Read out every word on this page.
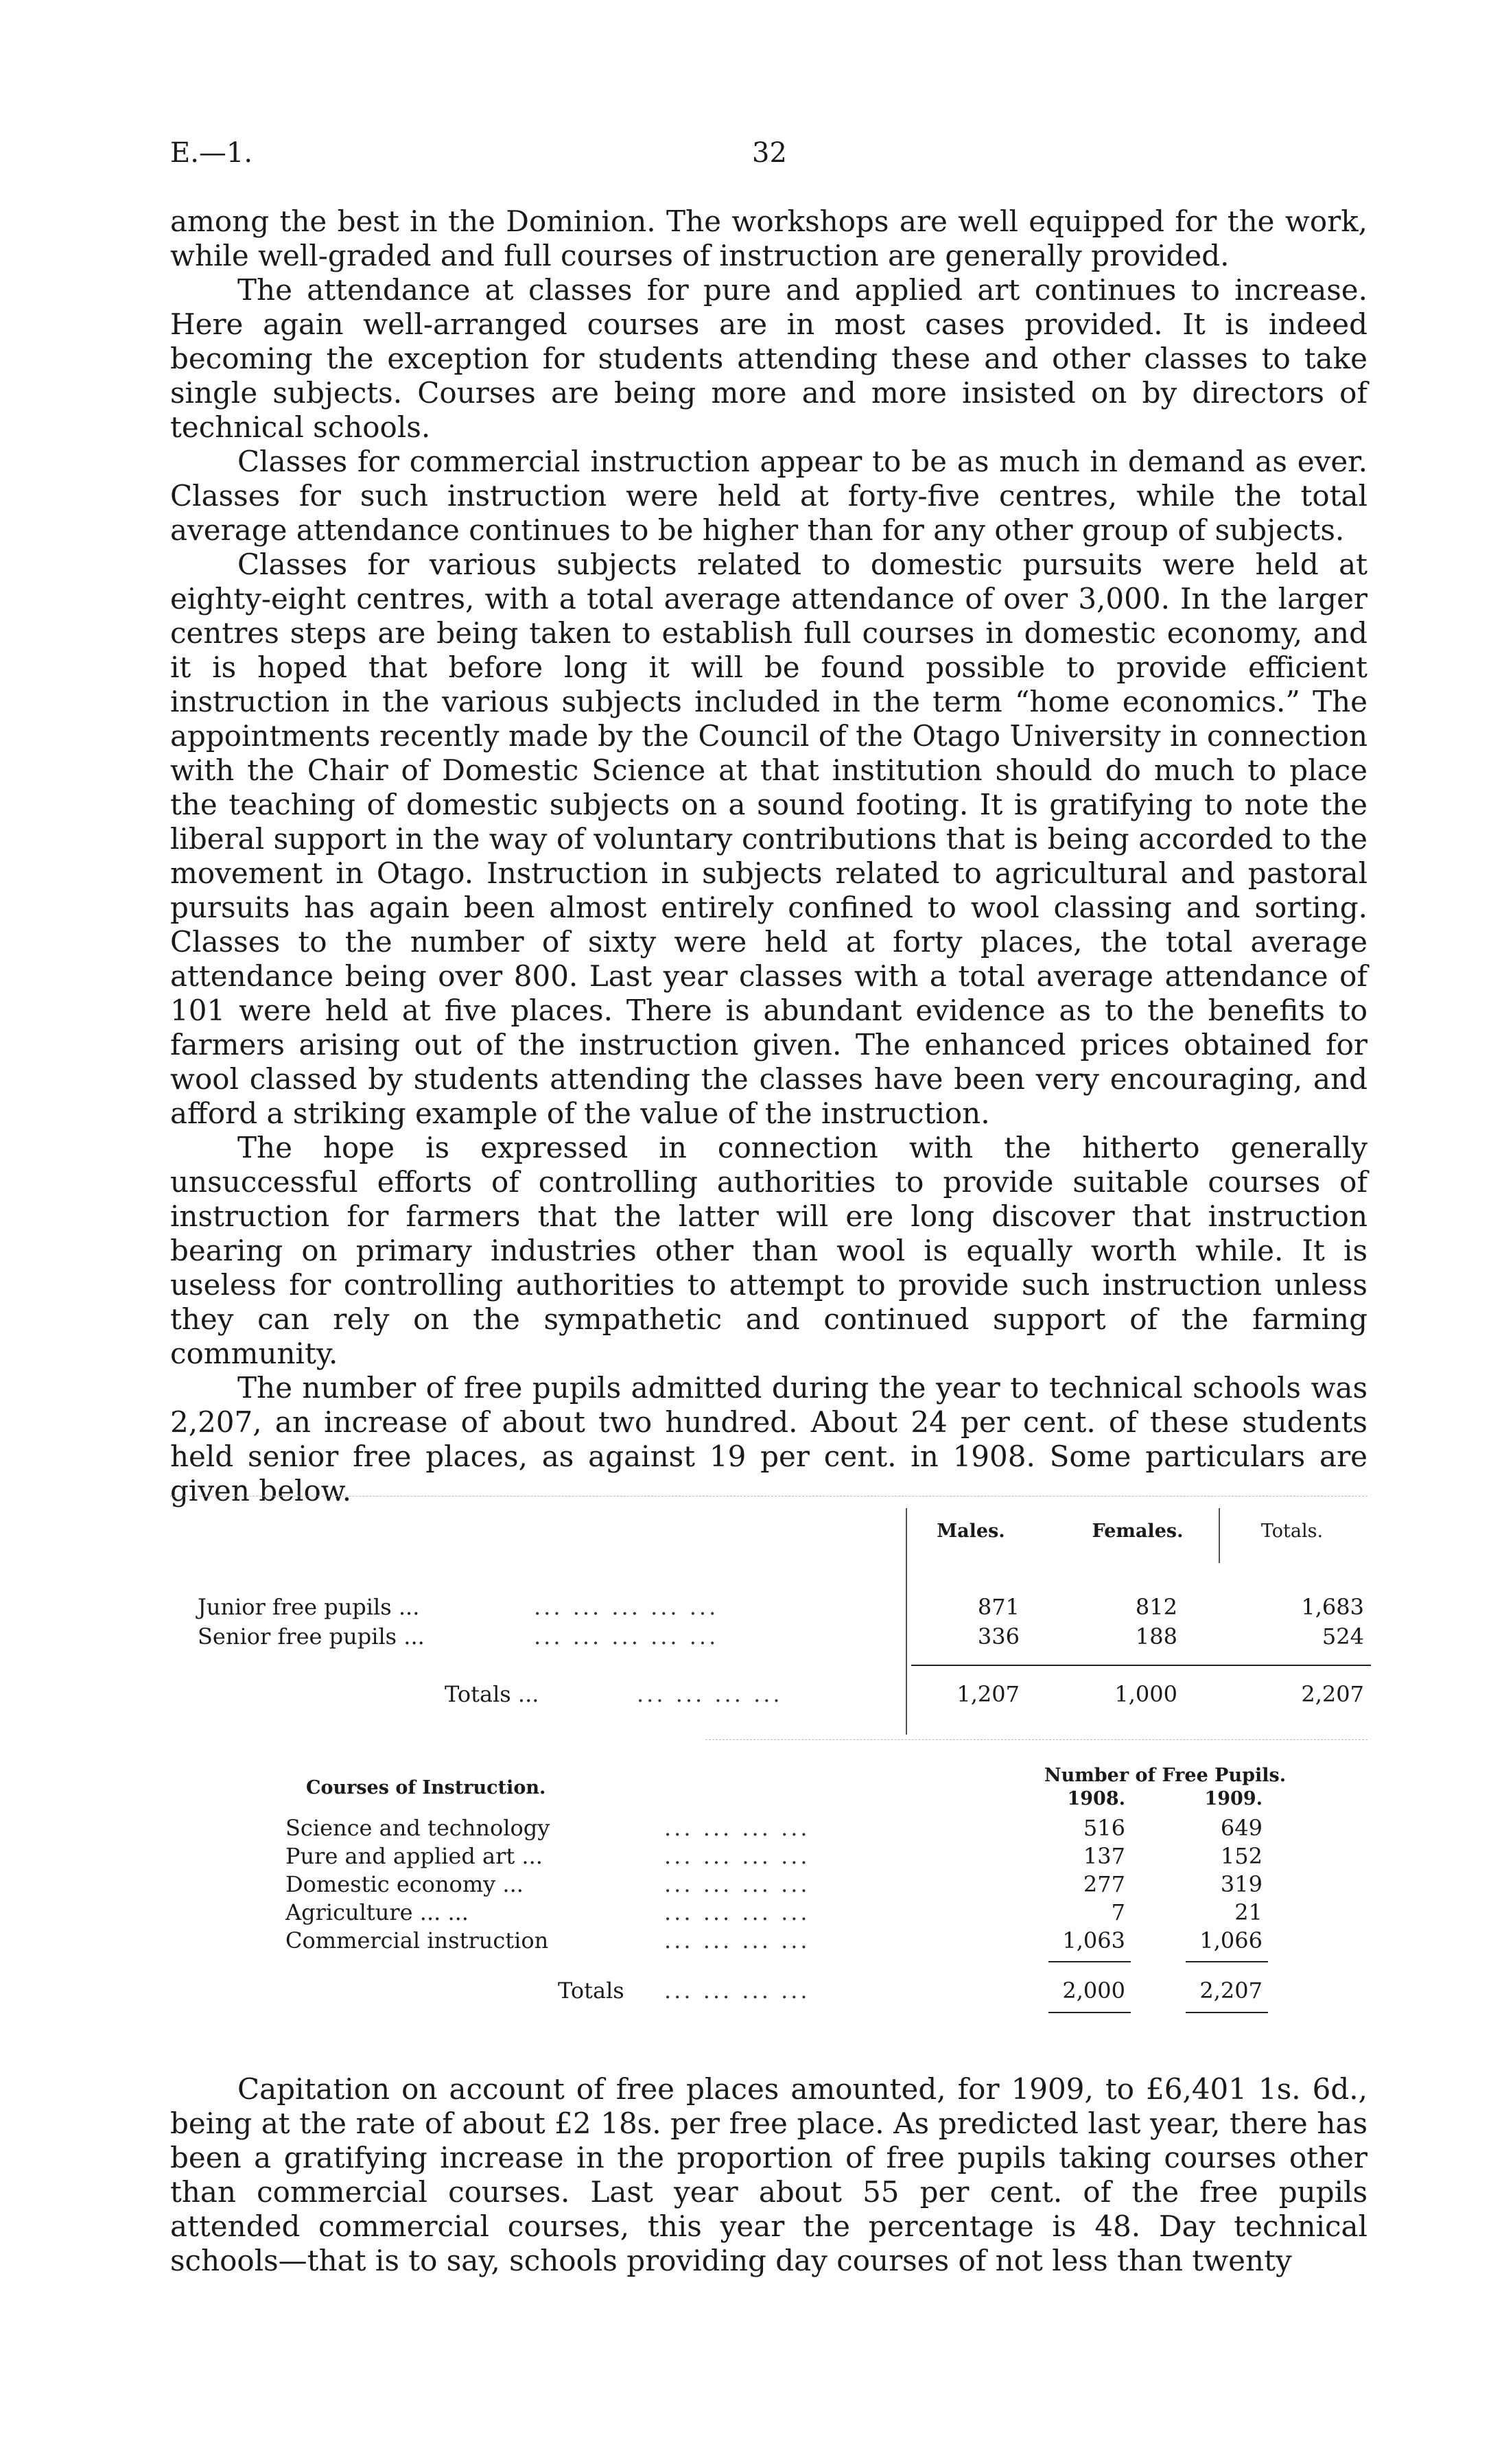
E.—1.	32

among the best in the Dominion. The workshops are well equipped for the work, while well-graded and full courses of instruction are generally provided.

The attendance at classes for pure and applied art continues to increase. Here again well-arranged courses are in most cases provided. It is indeed becoming the exception for students attending these and other classes to take single subjects. Courses are being more and more insisted on by directors of technical schools.

Classes for commercial instruction appear to be as much in demand as ever. Classes for such instruction were held at forty-five centres, while the total average attendance continues to be higher than for any other group of subjects.

Classes for various subjects related to domestic pursuits were held at eighty-eight centres, with a total average attendance of over 3,000. In the larger centres steps are being taken to establish full courses in domestic economy, and it is hoped that before long it will be found possible to provide efficient instruction in the various subjects included in the term “home economics.” The appointments recently made by the Council of the Otago University in connection with the Chair of Domestic Science at that institution should do much to place the teaching of domestic subjects on a sound footing. It is gratifying to note the liberal support in the way of voluntary contributions that is being accorded to the movement in Otago. Instruction in subjects related to agricultural and pastoral pursuits has again been almost entirely confined to wool classing and sorting. Classes to the number of sixty were held at forty places, the total average attendance being over 800. Last year classes with a total average attendance of 101 were held at five places. There is abundant evidence as to the benefits to farmers arising out of the instruction given. The enhanced prices obtained for wool classed by students attending the classes have been very encouraging, and afford a striking example of the value of the instruction.

The hope is expressed in connection with the hitherto generally unsuccessful efforts of controlling authorities to provide suitable courses of instruction for farmers that the latter will ere long discover that instruction bearing on primary industries other than wool is equally worth while. It is useless for controlling authorities to attempt to provide such instruction unless they can rely on the sympathetic and continued support of the farming community.

The number of free pupils admitted during the year to technical schools was 2,207, an increase of about two hundred. About 24 per cent. of these students held senior free places, as against 19 per cent. in 1908. Some particulars are given below.

Males.	Females.	Totals.
Junior free pupils ...	... ... ... ... ...	871	812	1,683
Senior free pupils ...	... ... ... ... ...	336	188	524
Totals ...	... ... ... ...	1,207	1,000	2,207
Courses of Instruction.
Number of Free Pupils.
1908.	1909.
Science and technology	... ... ... ...	516	649
Pure and applied art ...	... ... ... ...	137	152
Domestic economy ...	... ... ... ...	277	319
Agriculture ... ...	... ... ... ...	7	21
Commercial instruction	... ... ... ...	1,063	1,066
Totals ... ... ... ...	2,000	2,207

Capitation on account of free places amounted, for 1909, to £6,401 1s. 6d., being at the rate of about £2 18s. per free place. As predicted last year, there has been a gratifying increase in the proportion of free pupils taking courses other than commercial courses. Last year about 55 per cent. of the free pupils attended commercial courses, this year the percentage is 48. Day technical schools—that is to say, schools providing day courses of not less than twenty
